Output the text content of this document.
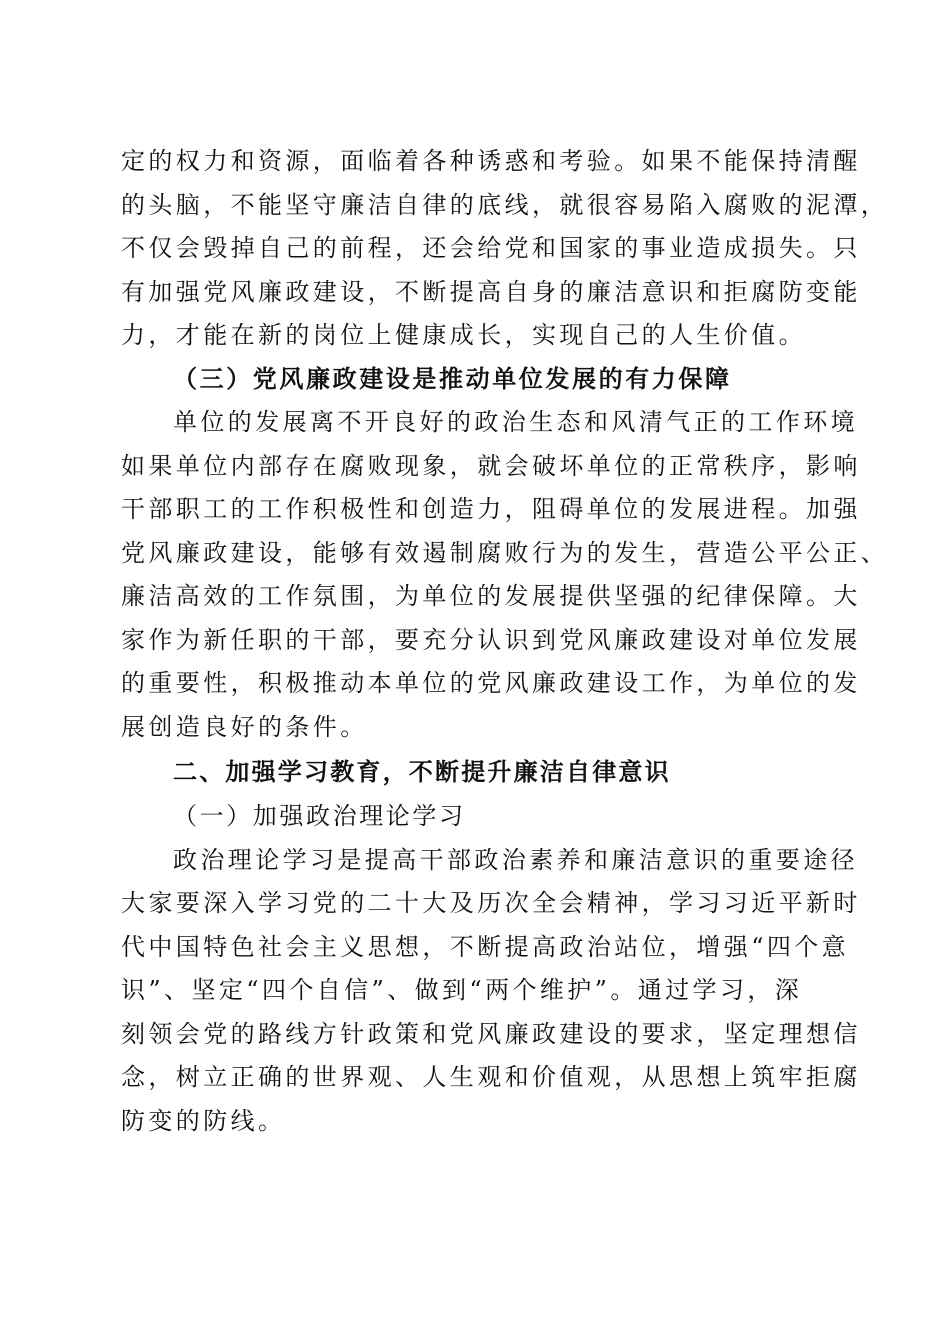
定的权力和资源，面临着各种诱惑和考验。如果不能保持清醒
的头脑，不能坚守廉洁自律的底线，就很容易陷入腐败的泥潭，
不仅会毁掉自己的前程，还会给党和国家的事业造成损失。只
有加强党风廉政建设，不断提高自身的廉洁意识和拒腐防变能
力，才能在新的岗位上健康成长，实现自己的人生价值。
（三）党风廉政建设是推动单位发展的有力保障
单位的发展离不开良好的政治生态和风清气正的工作环境
如果单位内部存在腐败现象，就会破坏单位的正常秩序，影响
干部职工的工作积极性和创造力，阻碍单位的发展进程。加强
党风廉政建设，能够有效遏制腐败行为的发生，营造公平公正、
廉洁高效的工作氛围，为单位的发展提供坚强的纪律保障。大
家作为新任职的干部，要充分认识到党风廉政建设对单位发展
的重要性，积极推动本单位的党风廉政建设工作，为单位的发
展创造良好的条件。
二、加强学习教育，不断提升廉洁自律意识
（一）加强政治理论学习
政治理论学习是提高干部政治素养和廉洁意识的重要途径
大家要深入学习党的二十大及历次全会精神，学习习近平新时
代中国特色社会主义思想，不断提高政治站位，增强“四个意
识”、坚定“四个自信”、做到“两个维护”。通过学习，深
刻领会党的路线方针政策和党风廉政建设的要求，坚定理想信
念，树立正确的世界观、人生观和价值观，从思想上筑牢拒腐
防变的防线。
